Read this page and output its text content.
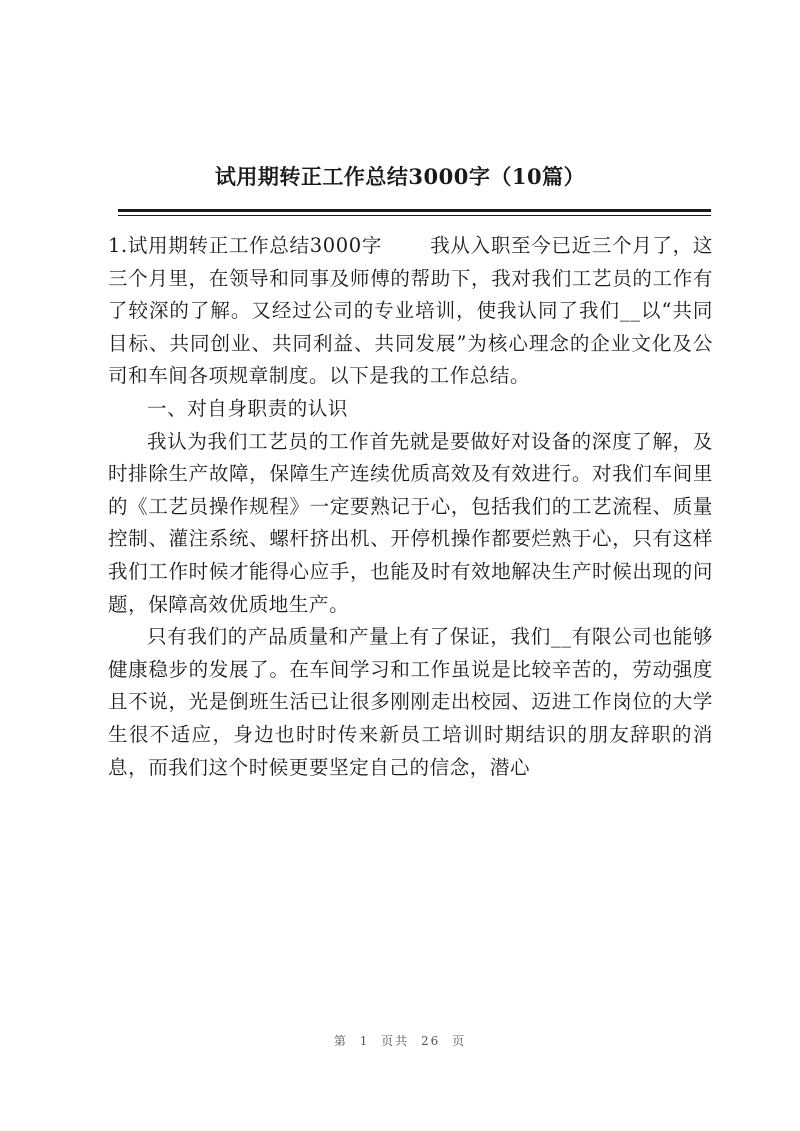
试用期转正工作总结3000字（10篇）

1.试用期转正工作总结3000字 我从入职至今已近三个月了，这三个月里，在领导和同事及师傅的帮助下，我对我们工艺员的工作有了较深的了解。又经过公司的专业培训，使我认同了我们__以“共同目标、共同创业、共同利益、共同发展”为核心理念的企业文化及公司和车间各项规章制度。以下是我的工作总结。

一、对自身职责的认识

我认为我们工艺员的工作首先就是要做好对设备的深度了解，及时排除生产故障，保障生产连续优质高效及有效进行。对我们车间里的《工艺员操作规程》一定要熟记于心，包括我们的工艺流程、质量控制、灌注系统、螺杆挤出机、开停机操作都要烂熟于心，只有这样我们工作时候才能得心应手，也能及时有效地解决生产时候出现的问题，保障高效优质地生产。

只有我们的产品质量和产量上有了保证，我们__有限公司也能够健康稳步的发展了。在车间学习和工作虽说是比较辛苦的，劳动强度且不说，光是倒班生活已让很多刚刚走出校园、迈进工作岗位的大学生很不适应，身边也时时传来新员工培训时期结识的朋友辞职的消息，而我们这个时候更要坚定自己的信念，潜心

第 1 页共 26 页
